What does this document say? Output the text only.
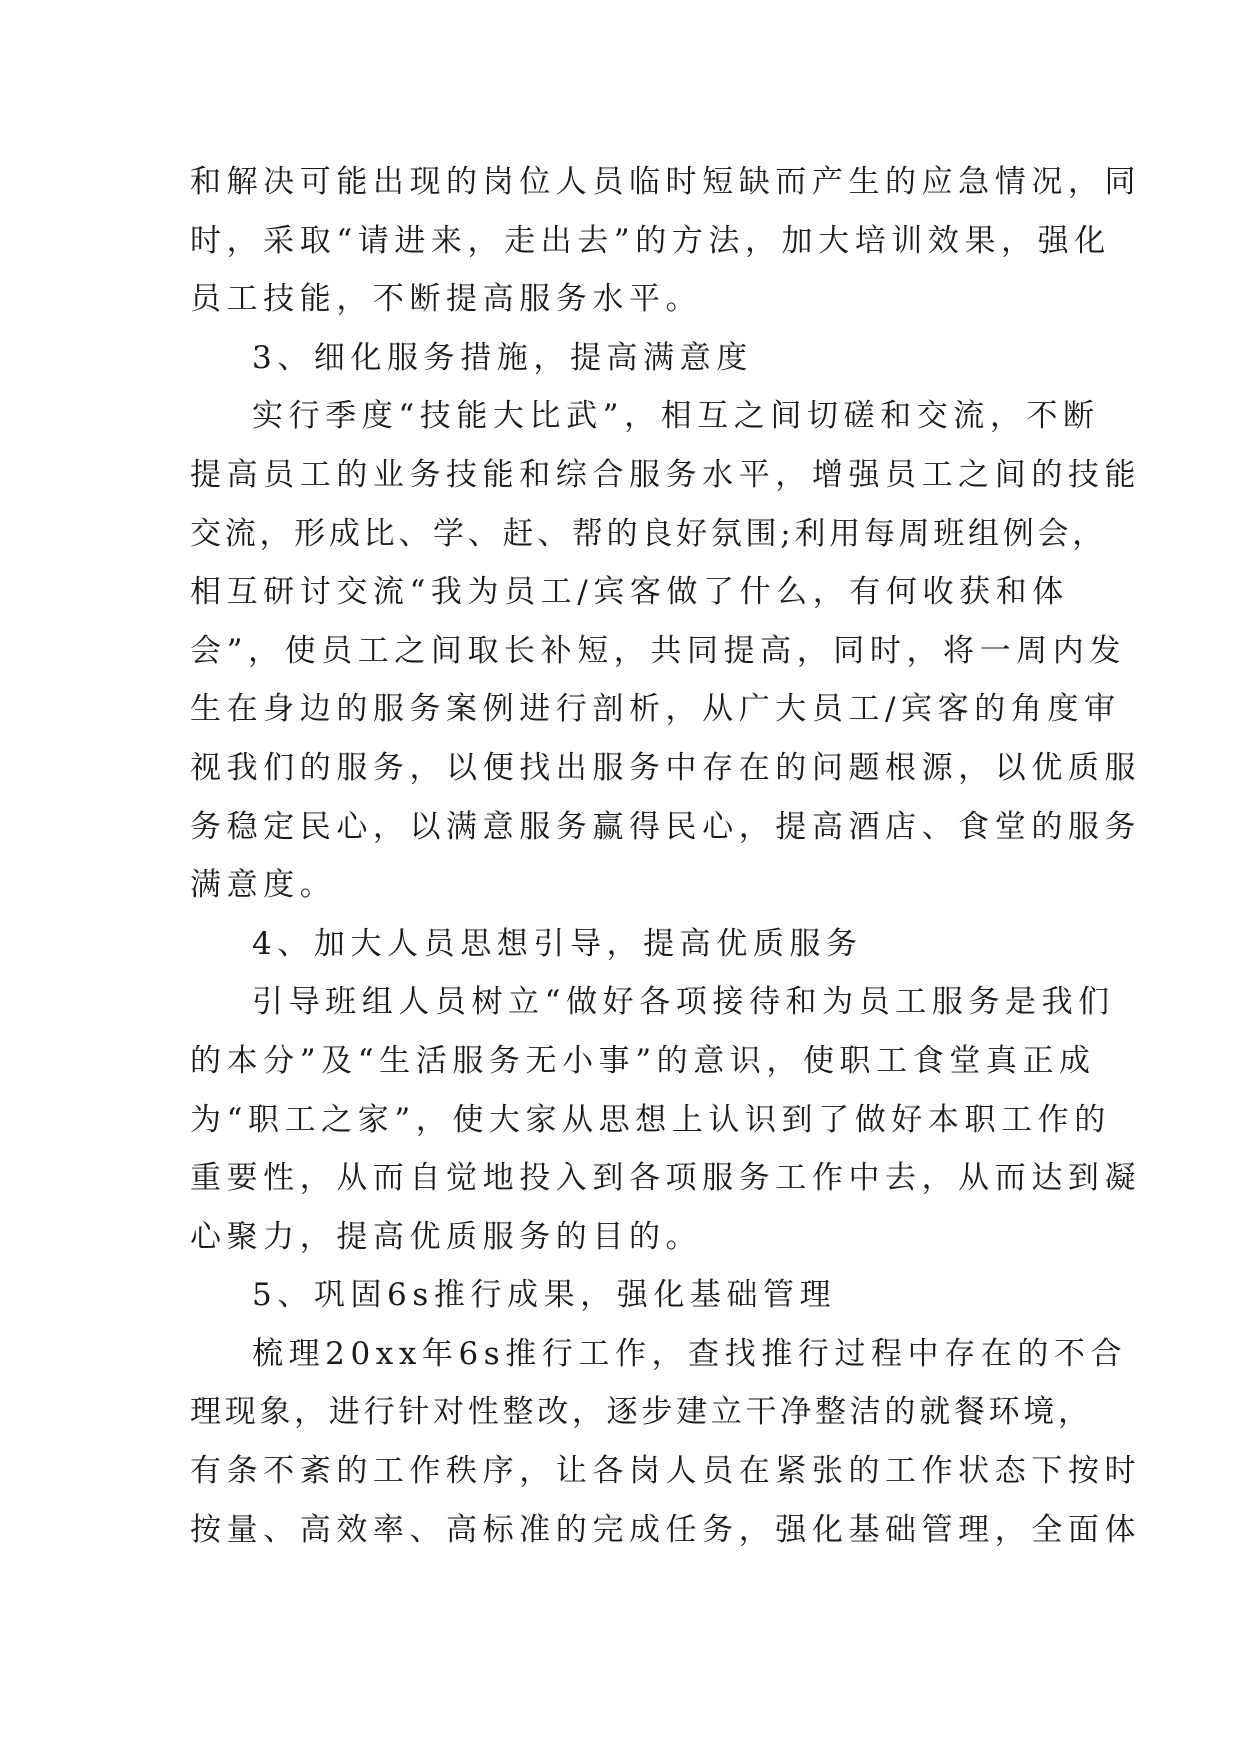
和解决可能出现的岗位人员临时短缺而产生的应急情况，同
时，采取“请进来，走出去”的方法，加大培训效果，强化
员工技能，不断提高服务水平。
3、细化服务措施，提高满意度
实行季度“技能大比武”，相互之间切磋和交流，不断
提高员工的业务技能和综合服务水平，增强员工之间的技能
交流，形成比、学、赶、帮的良好氛围;利用每周班组例会，
相互研讨交流“我为员工/宾客做了什么，有何收获和体
会”，使员工之间取长补短，共同提高，同时，将一周内发
生在身边的服务案例进行剖析，从广大员工/宾客的角度审
视我们的服务，以便找出服务中存在的问题根源，以优质服
务稳定民心，以满意服务赢得民心，提高酒店、食堂的服务
满意度。
4、加大人员思想引导，提高优质服务
引导班组人员树立“做好各项接待和为员工服务是我们
的本分”及“生活服务无小事”的意识，使职工食堂真正成
为“职工之家”，使大家从思想上认识到了做好本职工作的
重要性，从而自觉地投入到各项服务工作中去，从而达到凝
心聚力，提高优质服务的目的。
5、巩固6s推行成果，强化基础管理
梳理20xx年6s推行工作，查找推行过程中存在的不合
理现象，进行针对性整改，逐步建立干净整洁的就餐环境，
有条不紊的工作秩序，让各岗人员在紧张的工作状态下按时
按量、高效率、高标准的完成任务，强化基础管理，全面体
